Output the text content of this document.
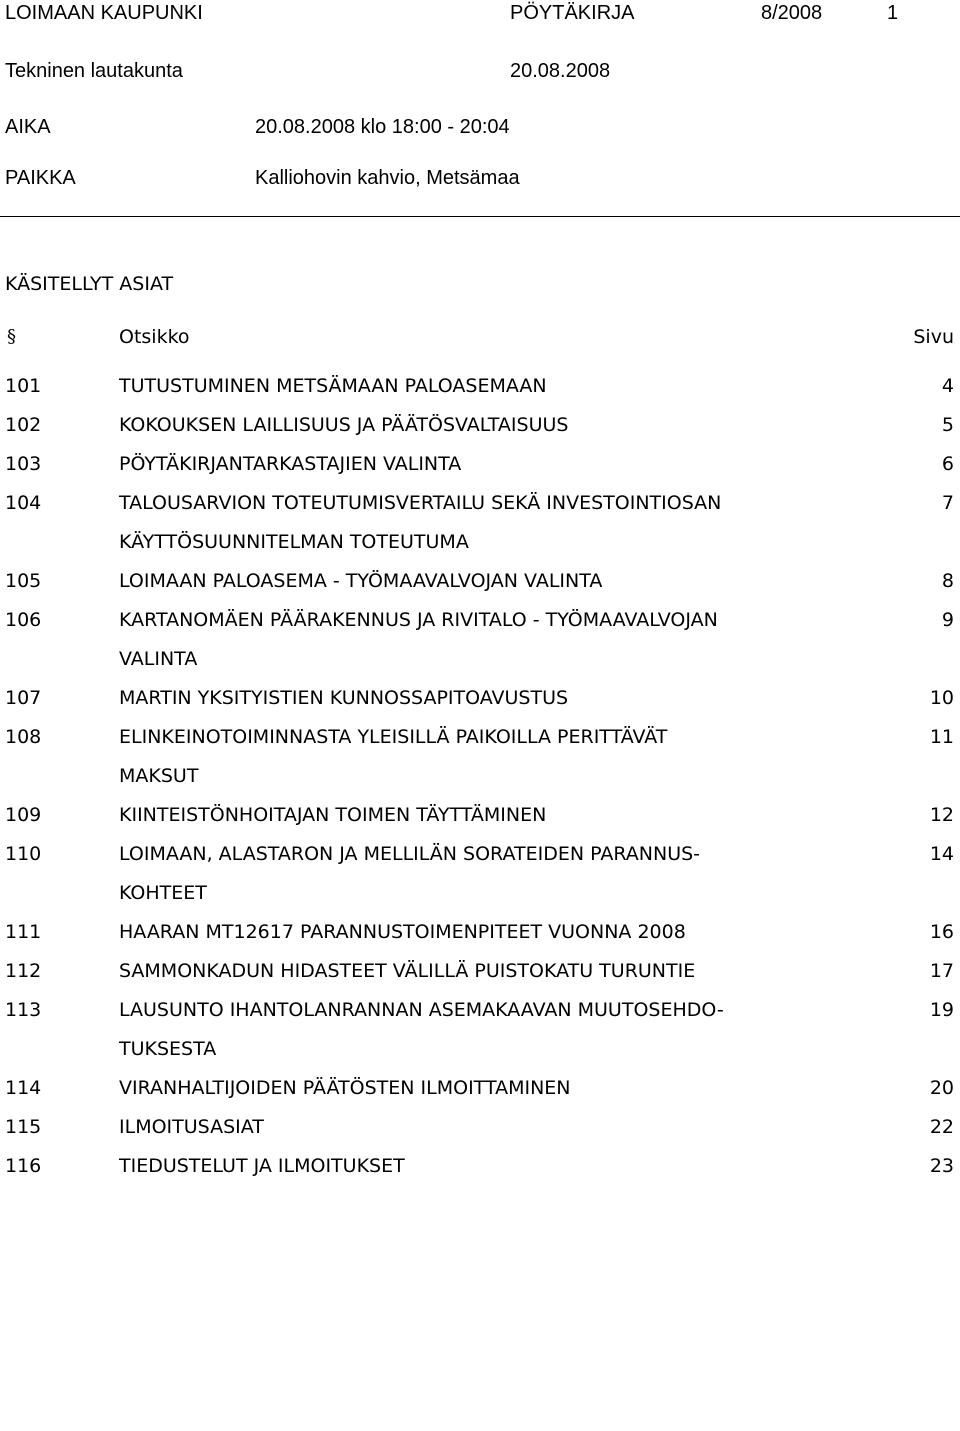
LOIMAAN KAUPUNKI	PÖYTÄKIRJA	8/2008	1
Tekninen lautakunta	20.08.2008
AIKA	20.08.2008 klo 18:00 - 20:04
PAIKKA	Kalliohovin kahvio, Metsämaa
KÄSITELLYT ASIAT
§	Otsikko	Sivu
101	TUTUSTUMINEN METSÄMAAN PALOASEMAAN	4
102	KOKOUKSEN LAILLISUUS JA PÄÄTÖSVALTAISUUS	5
103	PÖYTÄKIRJANTARKASTAJIEN VALINTA	6
104	TALOUSARVION TOTEUTUMISVERTAILU SEKÄ INVESTOINTIOSAN	7
KÄYTTÖSUUNNITELMAN TOTEUTUMA
105	LOIMAAN PALOASEMA - TYÖMAAVALVOJAN VALINTA	8
106	KARTANOMÄEN PÄÄRAKENNUS JA RIVITALO - TYÖMAAVALVOJAN	9
VALINTA
107	MARTIN YKSITYISTIEN KUNNOSSAPITOAVUSTUS	10
108	ELINKEINOTOIMINNASTA YLEISILLÄ PAIKOILLA PERITTÄVÄT	11
MAKSUT
109	KIINTEISTÖNHOITAJAN TOIMEN TÄYTTÄMINEN	12
110	LOIMAAN, ALASTARON JA MELLILÄN SORATEIDEN PARANNUS-	14
KOHTEET
111	HAARAN MT12617 PARANNUSTOIMENPITEET VUONNA 2008	16
112	SAMMONKADUN HIDASTEET VÄLILLÄ PUISTOKATU TURUNTIE	17
113	LAUSUNTO IHANTOLANRANNAN ASEMAKAAVAN MUUTOSEHDO-	19
TUKSESTA
114	VIRANHALTIJOIDEN PÄÄTÖSTEN ILMOITTAMINEN	20
115	ILMOITUSASIAT	22
116	TIEDUSTELUT JA ILMOITUKSET	23
